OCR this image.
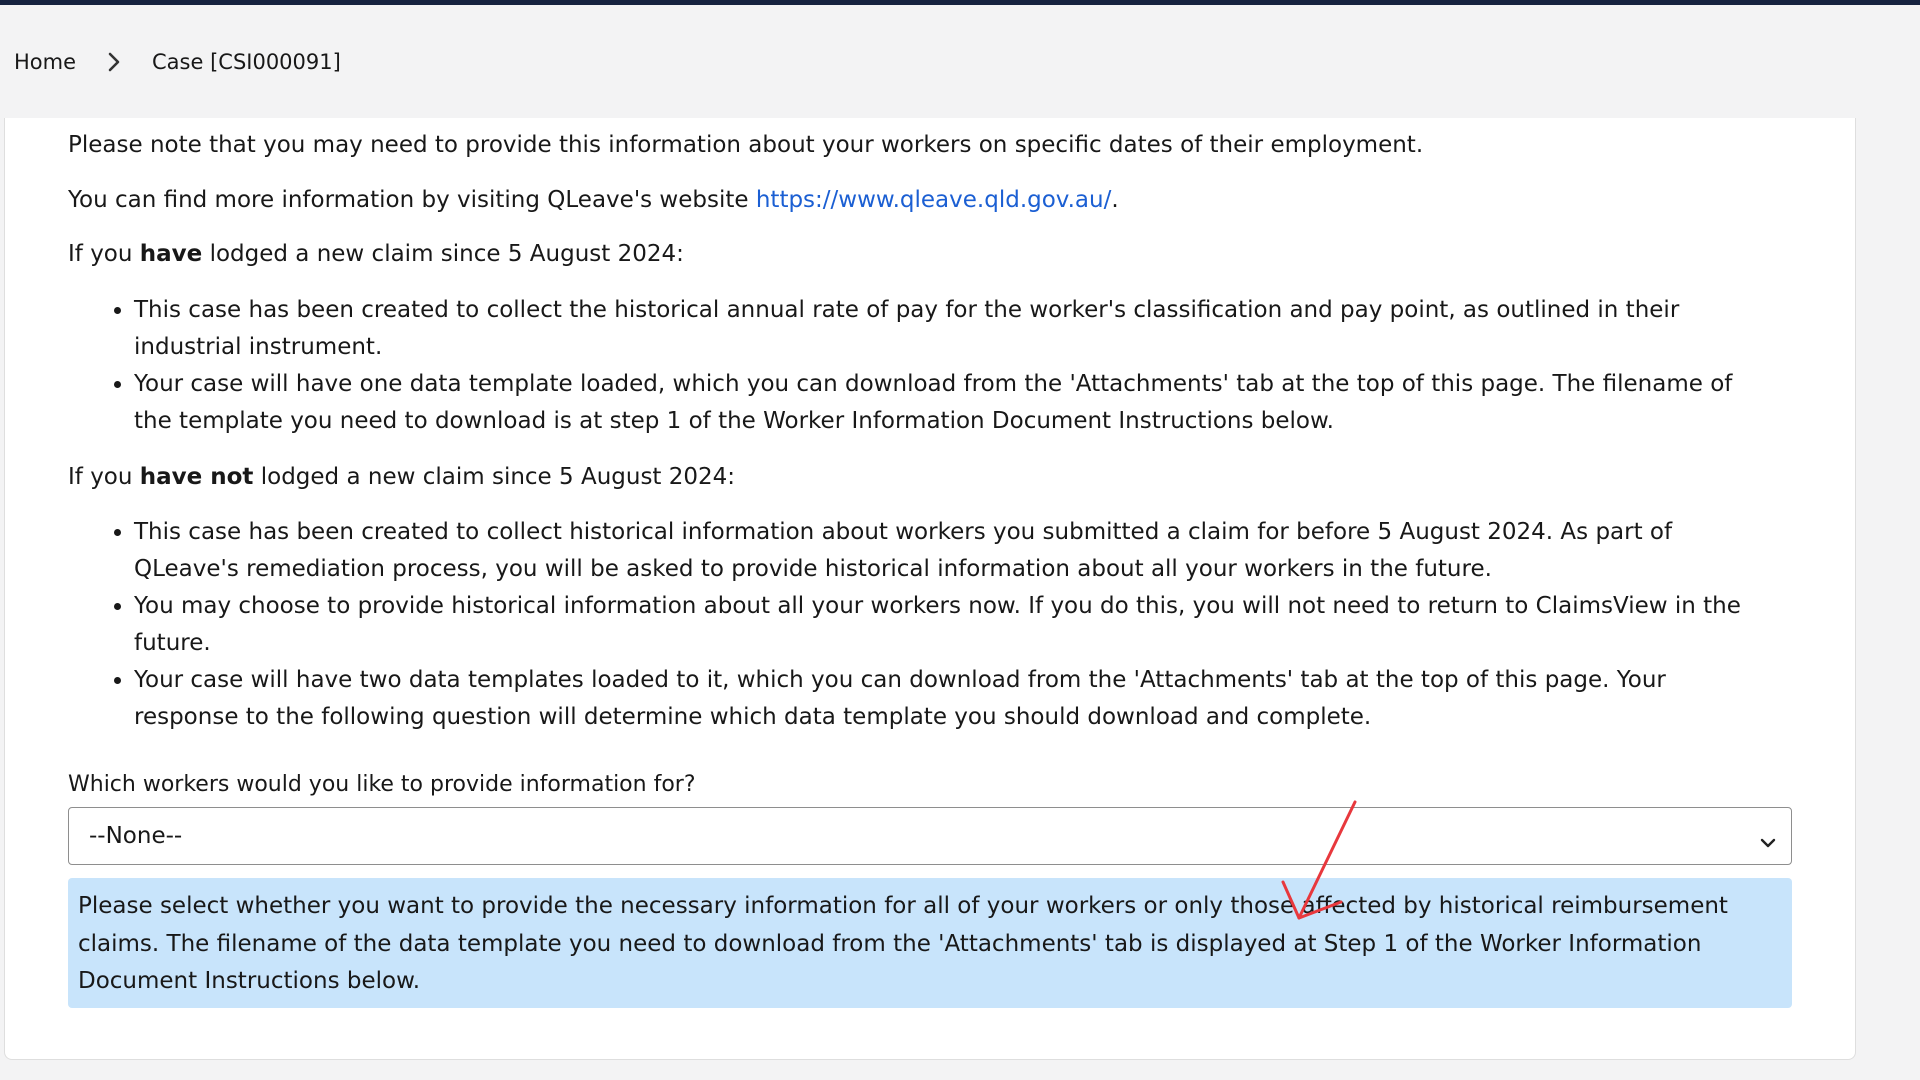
Home	Case [CSI000091]

Please note that you may need to provide this information about your workers on specific dates of their employment.

You can find more information by visiting QLeave's website https://www.qleave.qld.gov.au/.

If you have lodged a new claim since 5 August 2024:

• This case has been created to collect the historical annual rate of pay for the worker's classification and pay point, as outlined in their industrial instrument.
• Your case will have one data template loaded, which you can download from the 'Attachments' tab at the top of this page. The filename of the template you need to download is at step 1 of the Worker Information Document Instructions below.

If you have not lodged a new claim since 5 August 2024:

• This case has been created to collect historical information about workers you submitted a claim for before 5 August 2024. As part of QLeave's remediation process, you will be asked to provide historical information about all your workers in the future.
• You may choose to provide historical information about all your workers now. If you do this, you will not need to return to ClaimsView in the future.
• Your case will have two data templates loaded to it, which you can download from the 'Attachments' tab at the top of this page. Your response to the following question will determine which data template you should download and complete.
Which workers would you like to provide information for?
--None--
Please select whether you want to provide the necessary information for all of your workers or only those affected by historical reimbursement claims. The filename of the data template you need to download from the 'Attachments' tab is displayed at Step 1 of the Worker Information Document Instructions below.
